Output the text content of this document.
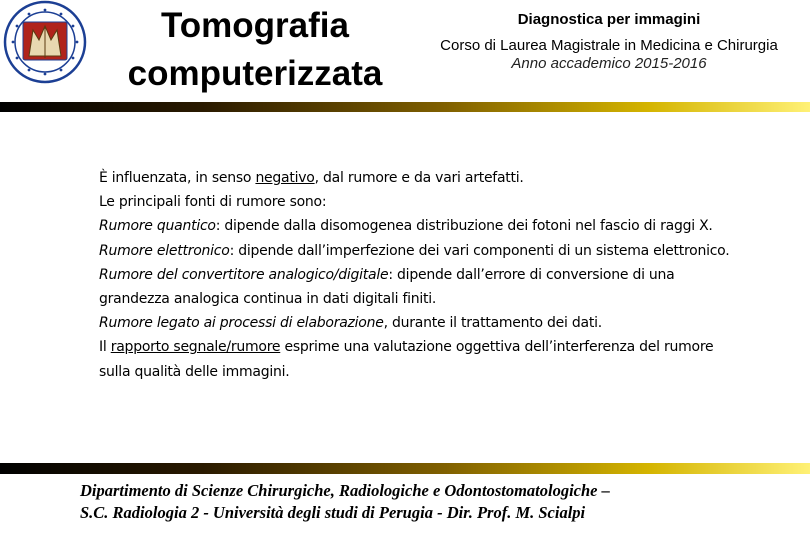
Tomografia
computerizzata
Diagnostica per immagini
Corso di Laurea Magistrale in Medicina e Chirurgia
Anno accademico 2015-2016

È influenzata, in senso negativo, dal rumore e da vari artefatti.

Le principali fonti di rumore sono:

Rumore quantico: dipende dalla disomogenea distribuzione dei fotoni nel fascio di raggi X.

Rumore elettronico: dipende dall’imperfezione dei vari componenti di un sistema elettronico.

Rumore del convertitore analogico/digitale: dipende dall’errore di conversione di una grandezza analogica continua in dati digitali finiti.

Rumore legato ai processi di elaborazione, durante il trattamento dei dati.

Il rapporto segnale/rumore esprime una valutazione oggettiva dell’interferenza del rumore sulla qualità delle immagini.

Dipartimento di Scienze Chirurgiche, Radiologiche e Odontostomatologiche –
S.C. Radiologia 2 - Università degli studi di Perugia - Dir. Prof. M. Scialpi
